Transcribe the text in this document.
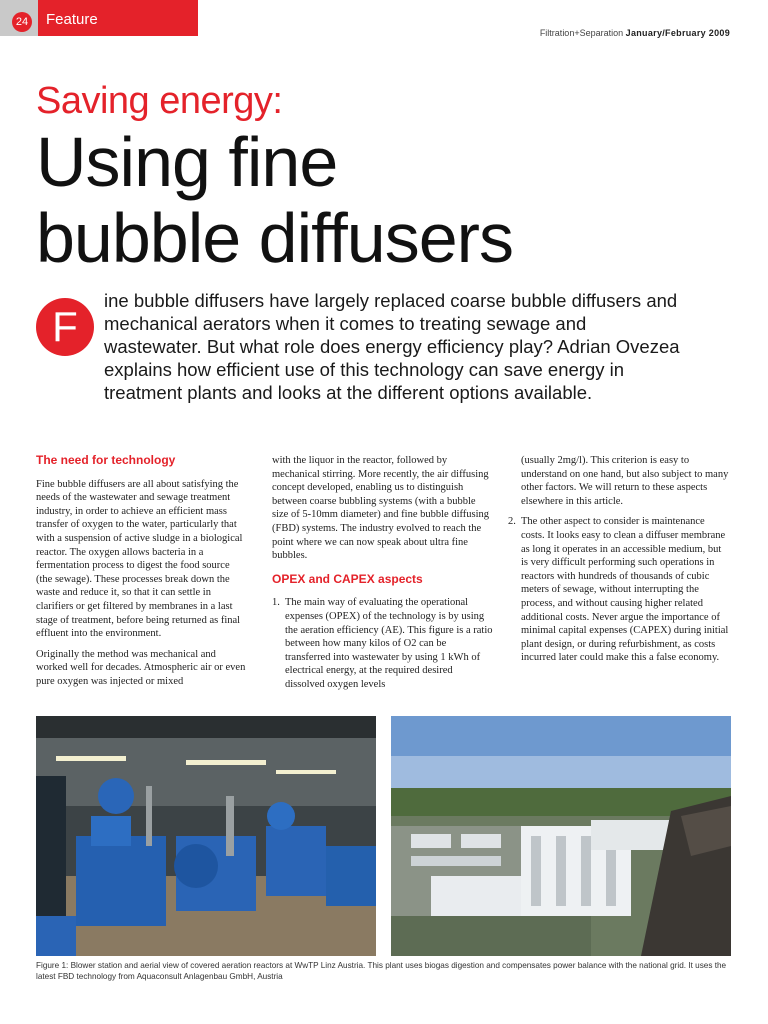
24 Feature
Filtration+Separation January/February 2009
Saving energy:
Using fine
bubble diffusers
F
ine bubble diffusers have largely replaced coarse bubble diffusers and mechanical aerators when it comes to treating sewage and wastewater. But what role does energy efficiency play? Adrian Ovezea explains how efficient use of this technology can save energy in treatment plants and looks at the different options available.
The need for technology

Fine bubble diffusers are all about satisfying the needs of the wastewater and sewage treatment industry, in order to achieve an efficient mass transfer of oxygen to the water, particularly that with a suspension of active sludge in a biological reactor. The oxygen allows bacteria in a fermentation process to digest the food source (the sewage). These processes break down the waste and reduce it, so that it can settle in clarifiers or get filtered by membranes in a last stage of treatment, before being returned as final effluent into the environment.

Originally the method was mechanical and worked well for decades. Atmospheric air or even pure oxygen was injected or mixed

with the liquor in the reactor, followed by mechanical stirring. More recently, the air diffusing concept developed, enabling us to distinguish between coarse bubbling systems (with a bubble size of 5-10mm diameter) and fine bubble diffusing (FBD) systems. The industry evolved to reach the point where we can now speak about ultra fine bubbles.

OPEX and CAPEX aspects
1. The main way of evaluating the operational expenses (OPEX) of the technology is by using the aeration efficiency (AE). This figure is a ratio between how many kilos of O2 can be transferred into wastewater by using 1 kWh of electrical energy, at the required desired dissolved oxygen levels

(usually 2mg/l). This criterion is easy to understand on one hand, but also subject to many other factors. We will return to these aspects elsewhere in this article.

2. The other aspect to consider is maintenance costs. It looks easy to clean a diffuser membrane as long it operates in an accessible medium, but is very difficult performing such operations in reactors with hundreds of thousands of cubic meters of sewage, without interrupting the process, and without causing higher related additional costs. Never argue the importance of minimal capital expenses (CAPEX) during initial plant design, or during refurbishment, as costs incurred later could make this a false economy.
Figure 1: Blower station and aerial view of covered aeration reactors at WwTP Linz Austria. This plant uses biogas digestion and compensates power balance with the national grid. It uses the latest FBD technology from Aquaconsult Anlagenbau GmbH, Austria
